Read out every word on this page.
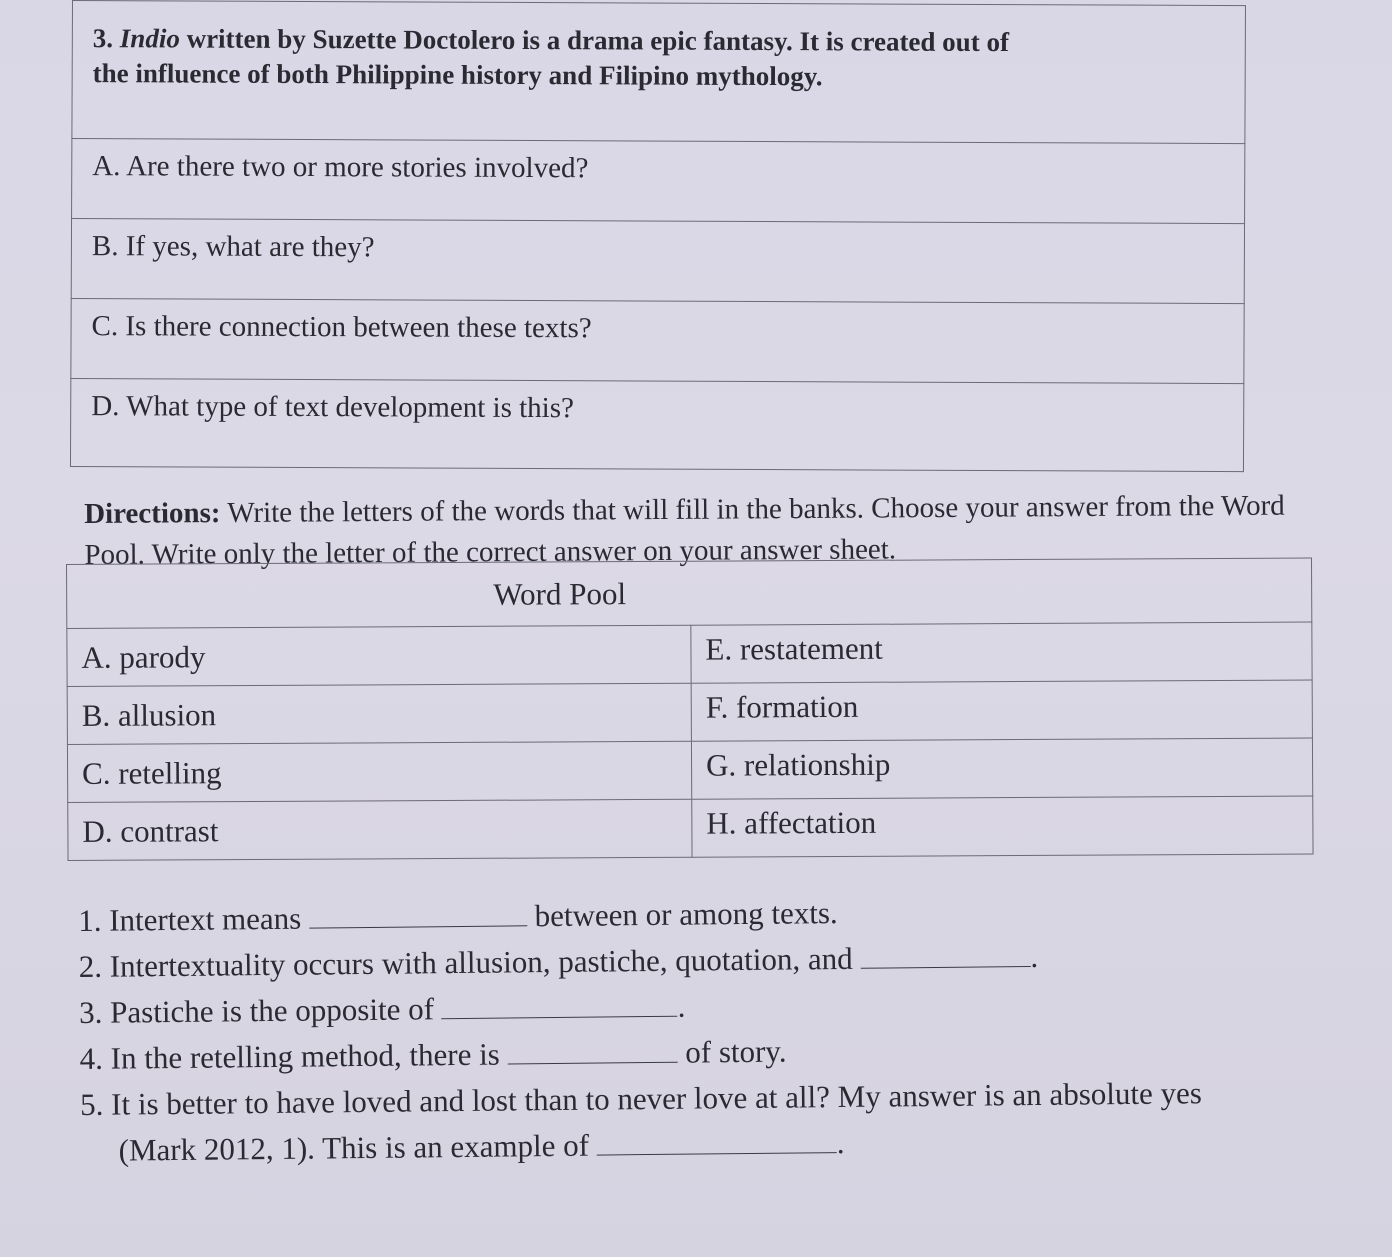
3. Indio written by Suzette Doctolero is a drama epic fantasy. It is created out of
the influence of both Philippine history and Filipino mythology.
A. Are there two or more stories involved?
B. If yes, what are they?
C. Is there connection between these texts?
D. What type of text development is this?
Directions: Write the letters of the words that will fill in the banks. Choose your answer from the Word Pool. Write only the letter of the correct answer on your answer sheet.
Word Pool	
A. parody	E. restatement
B. allusion	F. formation
C. retelling	G. relationship
D. contrast	H. affectation
1. Intertext means	between or among texts.
2. Intertextuality occurs with allusion, pastiche, quotation, and	.
3. Pastiche is the opposite of	.
4. In the retelling method, there is	of story.
5. It is better to have loved and lost than to never love at all? My answer is an absolute yes
(Mark 2012, 1). This is an example of	.
